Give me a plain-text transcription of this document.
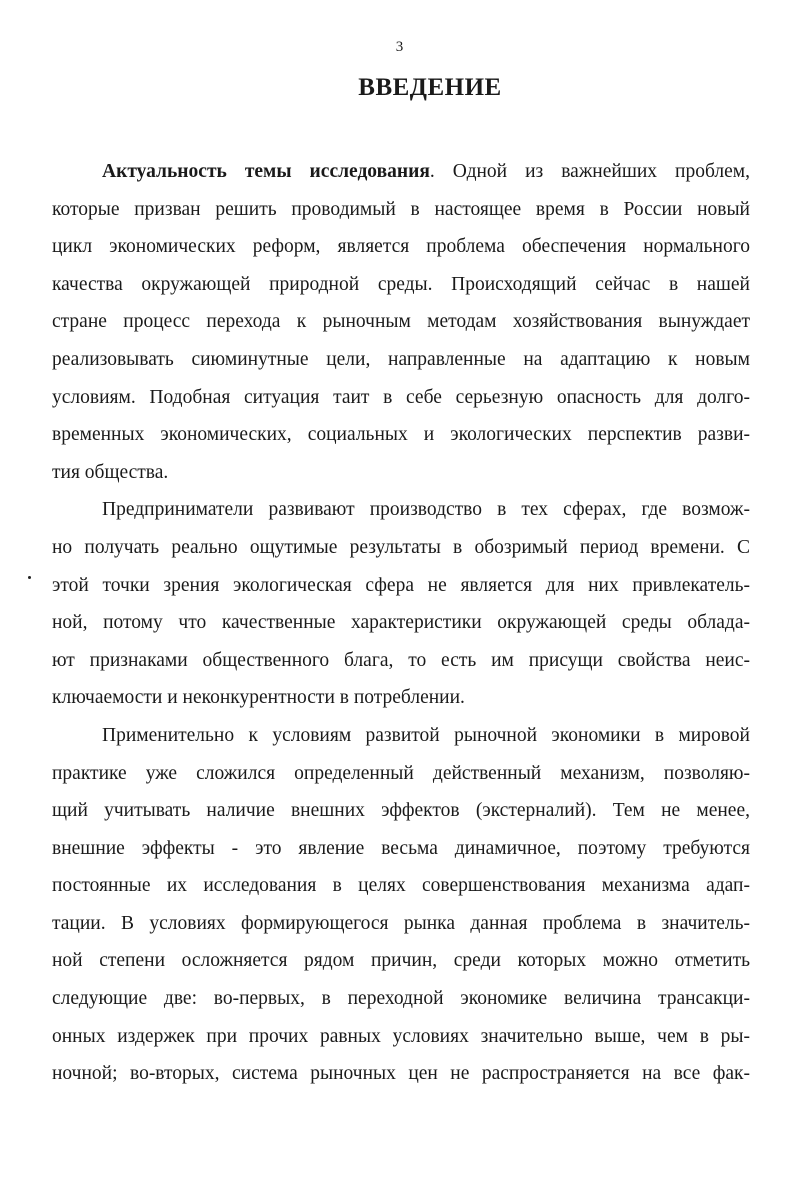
3
ВВЕДЕНИЕ
Актуальность темы исследования. Одной из важнейших проблем,
которые призван решить проводимый в настоящее время в России новый
цикл экономических реформ, является проблема обеспечения нормального
качества окружающей природной среды. Происходящий сейчас в нашей
стране процесс перехода к рыночным методам хозяйствования вынуждает
реализовывать сиюминутные цели, направленные на адаптацию к новым
условиям. Подобная ситуация таит в себе серьезную опасность для долго-
временных экономических, социальных и экологических перспектив разви-
тия общества.
Предприниматели развивают производство в тех сферах, где возмож-
но получать реально ощутимые результаты в обозримый период времени. С
этой точки зрения экологическая сфера не является для них привлекатель-
ной, потому что качественные характеристики окружающей среды облада-
ют признаками общественного блага, то есть им присущи свойства неис-
ключаемости и неконкурентности в потреблении.
Применительно к условиям развитой рыночной экономики в мировой
практике уже сложился определенный действенный механизм, позволяю-
щий учитывать наличие внешних эффектов (экстерналий). Тем не менее,
внешние эффекты - это явление весьма динамичное, поэтому требуются
постоянные их исследования в целях совершенствования механизма адап-
тации. В условиях формирующегося рынка данная проблема в значитель-
ной степени осложняется рядом причин, среди которых можно отметить
следующие две: во-первых, в переходной экономике величина трансакци-
онных издержек при прочих равных условиях значительно выше, чем в ры-
ночной; во-вторых, система рыночных цен не распространяется на все фак-
